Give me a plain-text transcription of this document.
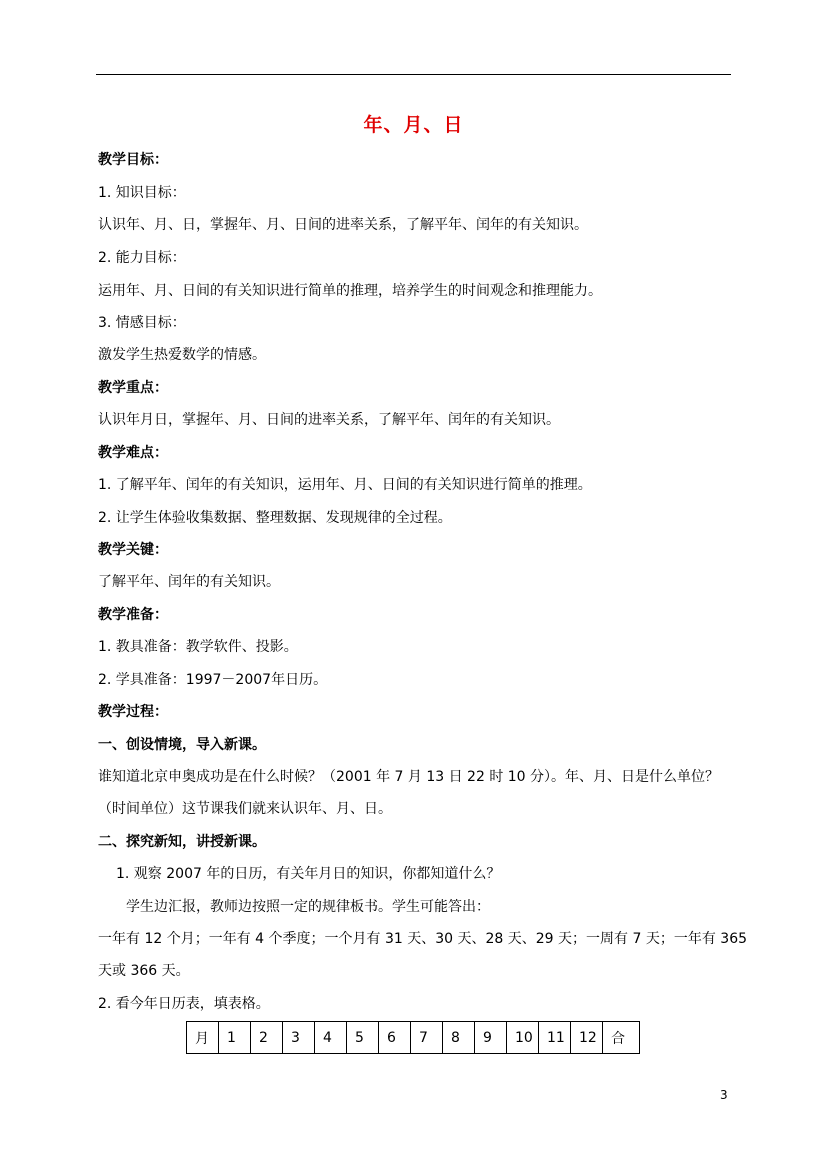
年、月、日
教学目标：
1. 知识目标：
认识年、月、日，掌握年、月、日间的进率关系，了解平年、闰年的有关知识。
2. 能力目标：
运用年、月、日间的有关知识进行简单的推理，培养学生的时间观念和推理能力。
3. 情感目标：
激发学生热爱数学的情感。
教学重点：
认识年月日，掌握年、月、日间的进率关系，了解平年、闰年的有关知识。
教学难点：
1. 了解平年、闰年的有关知识，运用年、月、日间的有关知识进行简单的推理。
2. 让学生体验收集数据、整理数据、发现规律的全过程。
教学关键：
了解平年、闰年的有关知识。
教学准备：
1. 教具准备：教学软件、投影。
2. 学具准备：1997－2007年日历。
教学过程：
一、创设情境，导入新课。
谁知道北京申奥成功是在什么时候？（2001 年 7 月 13 日 22 时 10 分）。年、月、日是什么单位？
（时间单位）这节课我们就来认识年、月、日。
二、探究新知，讲授新课。
1. 观察 2007 年的日历，有关年月日的知识，你都知道什么？
学生边汇报，教师边按照一定的规律板书。学生可能答出：
一年有 12 个月；一年有 4 个季度；一个月有 31 天、30 天、28 天、29 天；一周有 7 天；一年有 365
天或 366 天。
2. 看今年日历表，填表格。
月	1	2	3	4	5	6	7	8	9	10	11	12	合
3
